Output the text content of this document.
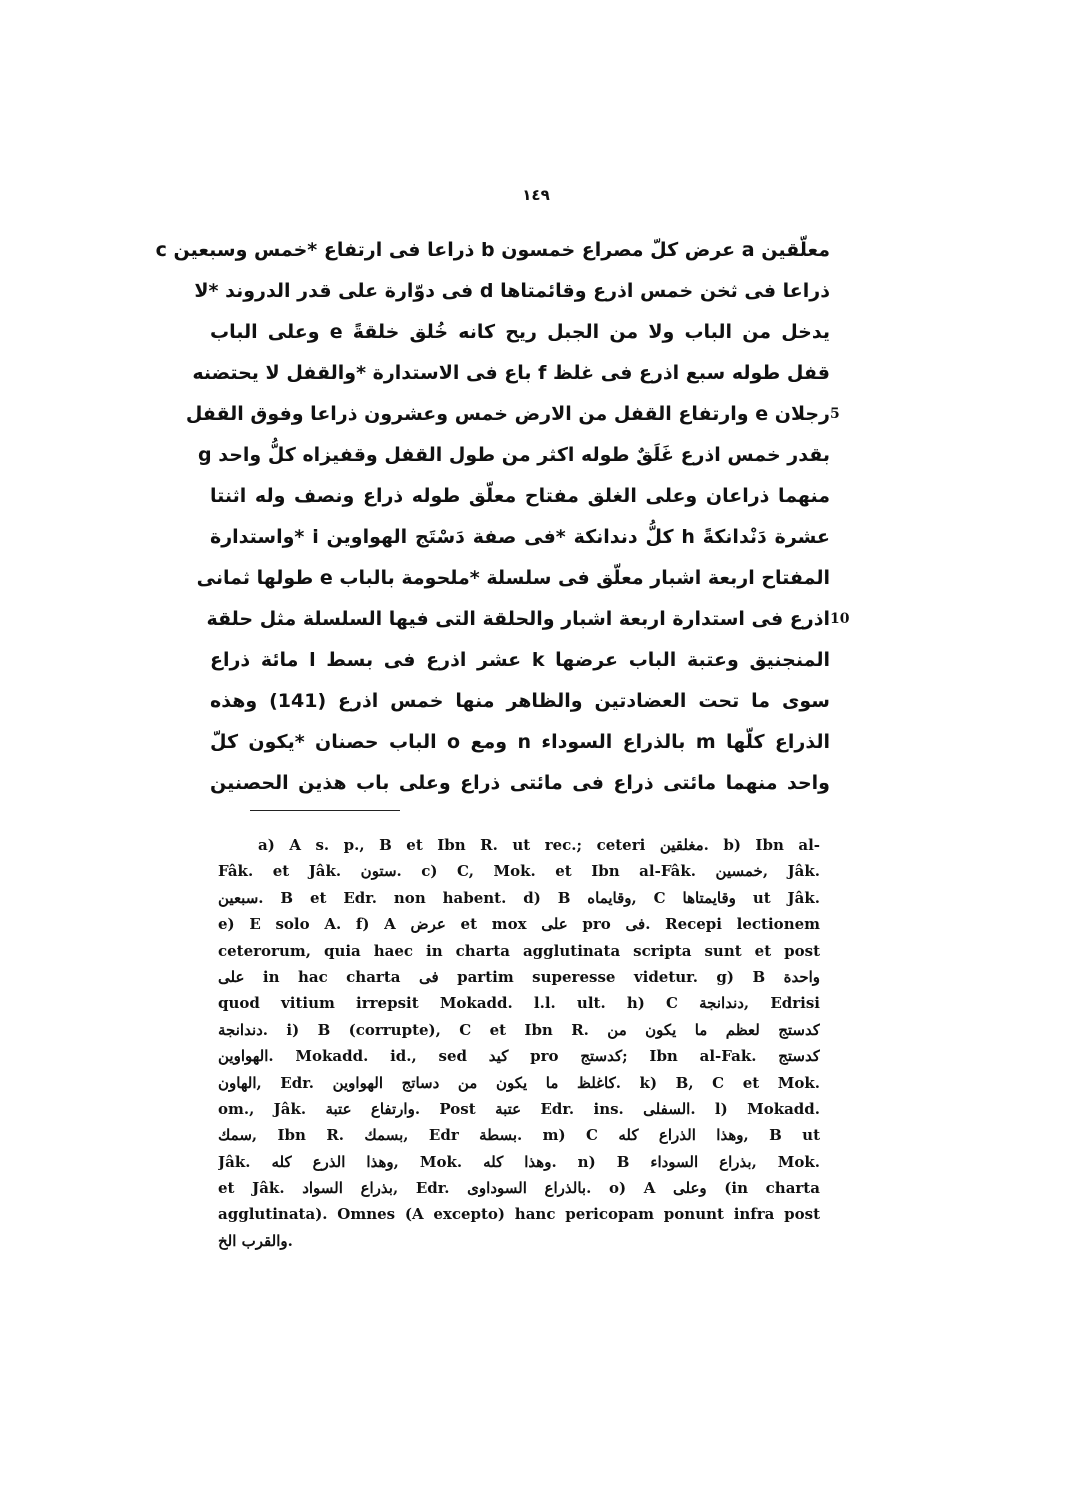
١٤٩
معلّقين a عرض كلّ مصراع خمسون b ذراعا فى ارتفاع *خمس وسبعين c
ذراعا فى ثخن خمس اذرع وقائمتاها d فى دوّارة على قدر الدروند *لا
يدخل من الباب ولا من الجبل ريح كانه خُلق خلقةً e وعلى الباب
قفل طوله سبع اذرع فى غلظ f باع فى الاستدارة *والقفل لا يحتضنه
رجلان e وارتفاع القفل من الارض خمس وعشرون ذراعا وفوق القفل 5
بقدر خمس اذرع غَلَقٌ طوله اكثر من طول القفل وقفيزاه كلُّ واحد g
منهما ذراعان وعلى الغلق مفتاح معلّق طوله ذراع ونصف وله اثنتا
عشرة دَنْدانكةً h كلُّ دندانكة *فى صفة دَسْتَج الهواوين i *واستدارة
المفتاح اربعة اشبار معلّق فى سلسلة *ملحومة بالباب e طولها ثمانى
اذرع فى استدارة اربعة اشبار والحلقة التى فيها السلسلة مثل حلقة 10
المنجنيق وعتبة الباب عرضها k عشر اذرع فى بسط l مائة ذراع
سوى ما تحت العضادتين والظاهر منها خمس اذرع (141) وهذه
الذراع كلّها m بالذراع السوداء n ومع o الباب حصنان *يكون كلّ
واحد منهما مائتى ذراع فى مائتى ذراع وعلى باب هذين الحصنين
a) A s. p., B et Ibn R. ut rec.; ceteri مغلقين. b) Ibn al-
Fâk. et Jâk. ستون. c) C, Mok. et Ibn al-Fâk. خمسين, Jâk.
سبعين. B et Edr. non habent. d) B وقايماه, C وقايمتاها ut Jâk.
e) E solo A. f) A عرض et mox على pro فى. Recepi lectionem
ceterorum, quia haec in charta agglutinata scripta sunt et post
على in hac charta فى partim superesse videtur. g) B واحدة
quod vitium irrepsit Mokadd. l.l. ult. h) C دندانجة, Edrisi
دندانجة. i) B (corrupte), C et Ibn R. كدستج لعظم ما يكون من
الهواوين. Mokadd. id., sed كيد pro كدستج; Ibn al-Fak. كدستج
الهاون, Edr. كاغلظ ما يكون من دساتج الهواوين. k) B, C et Mok.
om., Jâk. وارتفاع عتبة. Post عتبة Edr. ins. السفلى. l) Mokadd.
سمك, Ibn R. بسمك, Edr بسطة. m) C وهذا الذراع كله, B ut
Jâk. وهذا الذرع كله, Mok. وهذا كله. n) B بذراع السوداء, Mok.
et Jâk. بذراع السواد, Edr. بالذراع السوداوى. o) A وعلى (in charta
agglutinata). Omnes (A excepto) hanc pericopam ponunt infra post
والقرب الخ.
